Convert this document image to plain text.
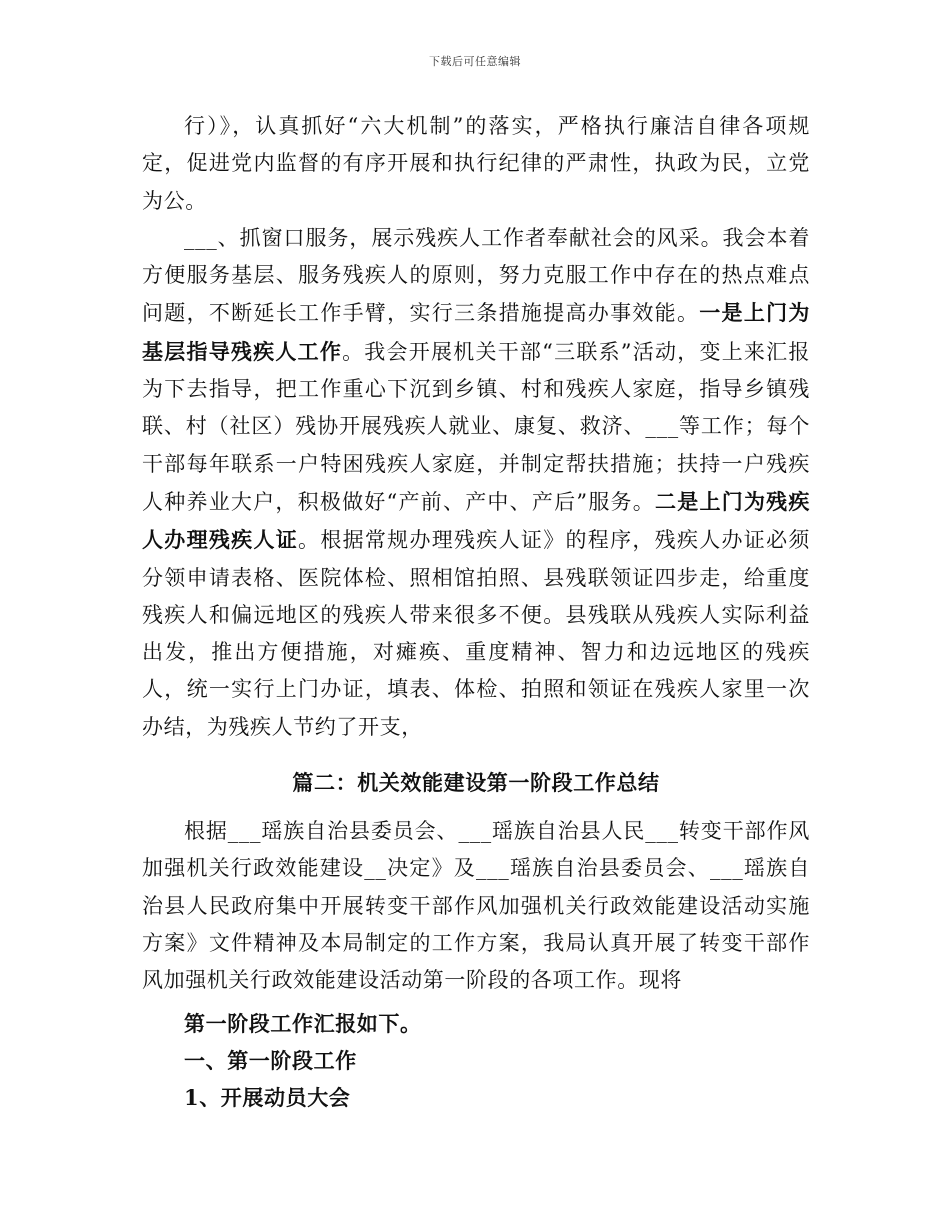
下载后可任意编辑

行）》，认真抓好“六大机制”的落实，严格执行廉洁自律各项规定，促进党内监督的有序开展和执行纪律的严肃性，执政为民，立党为公。

___、抓窗口服务，展示残疾人工作者奉献社会的风采。我会本着方便服务基层、服务残疾人的原则，努力克服工作中存在的热点难点问题，不断延长工作手臂，实行三条措施提高办事效能。一是上门为基层指导残疾人工作。我会开展机关干部“三联系”活动，变上来汇报为下去指导，把工作重心下沉到乡镇、村和残疾人家庭，指导乡镇残联、村（社区）残协开展残疾人就业、康复、救济、___等工作；每个干部每年联系一户特困残疾人家庭，并制定帮扶措施；扶持一户残疾人种养业大户，积极做好“产前、产中、产后”服务。二是上门为残疾人办理残疾人证。根据常规办理残疾人证》的程序，残疾人办证必须分领申请表格、医院体检、照相馆拍照、县残联领证四步走，给重度残疾人和偏远地区的残疾人带来很多不便。县残联从残疾人实际利益出发，推出方便措施，对瘫痪、重度精神、智力和边远地区的残疾人，统一实行上门办证，填表、体检、拍照和领证在残疾人家里一次办结，为残疾人节约了开支，

篇二：机关效能建设第一阶段工作总结

根据___瑶族自治县委员会、___瑶族自治县人民___转变干部作风加强机关行政效能建设__决定》及___瑶族自治县委员会、___瑶族自治县人民政府集中开展转变干部作风加强机关行政效能建设活动实施方案》文件精神及本局制定的工作方案，我局认真开展了转变干部作风加强机关行政效能建设活动第一阶段的各项工作。现将

第一阶段工作汇报如下。
一、第一阶段工作
1、开展动员大会
